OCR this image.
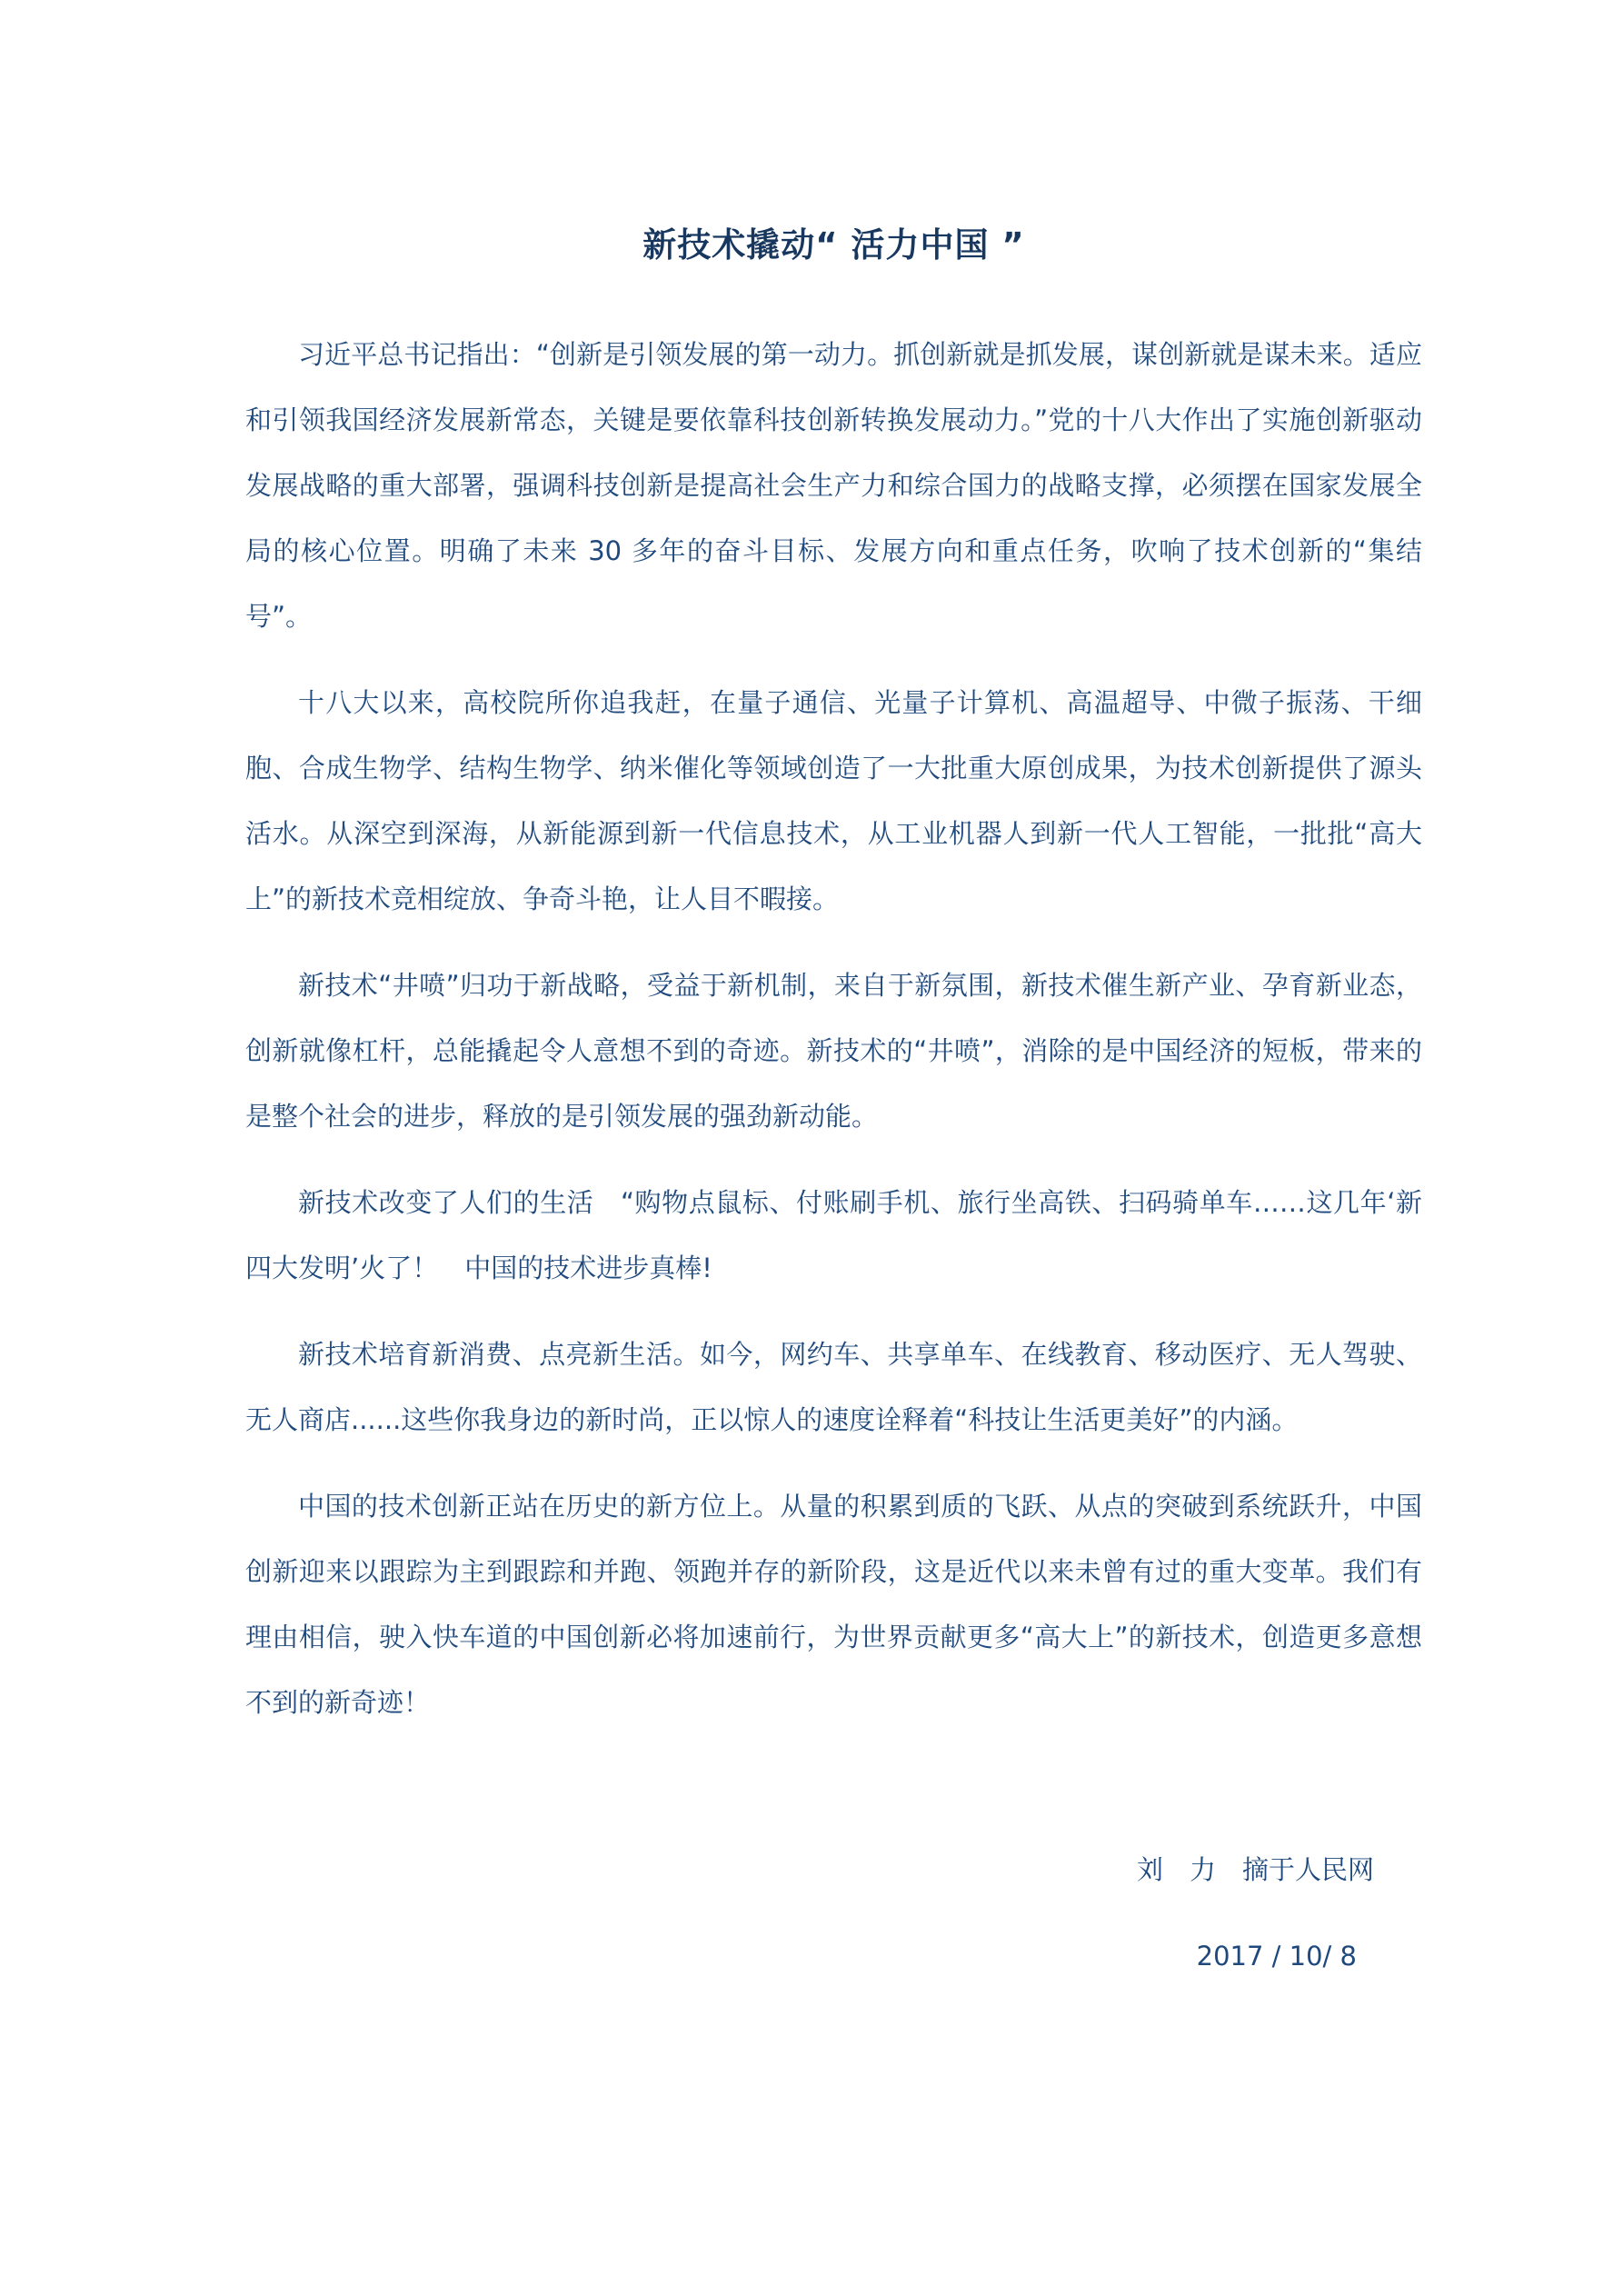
新技术撬动“ 活力中国 ”

习近平总书记指出：“创新是引领发展的第一动力。抓创新就是抓发展，谋创新就是谋未来。适应和引领我国经济发展新常态，关键是要依靠科技创新转换发展动力。”党的十八大作出了实施创新驱动发展战略的重大部署，强调科技创新是提高社会生产力和综合国力的战略支撑，必须摆在国家发展全局的核心位置。明确了未来 30 多年的奋斗目标、发展方向和重点任务，吹响了技术创新的“集结号”。

十八大以来，高校院所你追我赶，在量子通信、光量子计算机、高温超导、中微子振荡、干细胞、合成生物学、结构生物学、纳米催化等领域创造了一大批重大原创成果，为技术创新提供了源头活水。从深空到深海，从新能源到新一代信息技术，从工业机器人到新一代人工智能，一批批“高大上”的新技术竞相绽放、争奇斗艳，让人目不暇接。

新技术“井喷”归功于新战略，受益于新机制，来自于新氛围，新技术催生新产业、孕育新业态，创新就像杠杆，总能撬起令人意想不到的奇迹。新技术的“井喷”，消除的是中国经济的短板，带来的是整个社会的进步，释放的是引领发展的强劲新动能。

新技术改变了人们的生活　“购物点鼠标、付账刷手机、旅行坐高铁、扫码骑单车……这几年‘新四大发明’火了！　中国的技术进步真棒!

新技术培育新消费、点亮新生活。如今，网约车、共享单车、在线教育、移动医疗、无人驾驶、无人商店......这些你我身边的新时尚，正以惊人的速度诠释着“科技让生活更美好”的内涵。

中国的技术创新正站在历史的新方位上。从量的积累到质的飞跃、从点的突破到系统跃升，中国创新迎来以跟踪为主到跟踪和并跑、领跑并存的新阶段，这是近代以来未曾有过的重大变革。我们有理由相信，驶入快车道的中国创新必将加速前行，为世界贡献更多“高大上”的新技术，创造更多意想不到的新奇迹！

刘　力　摘于人民网

2017 / 10/ 8
